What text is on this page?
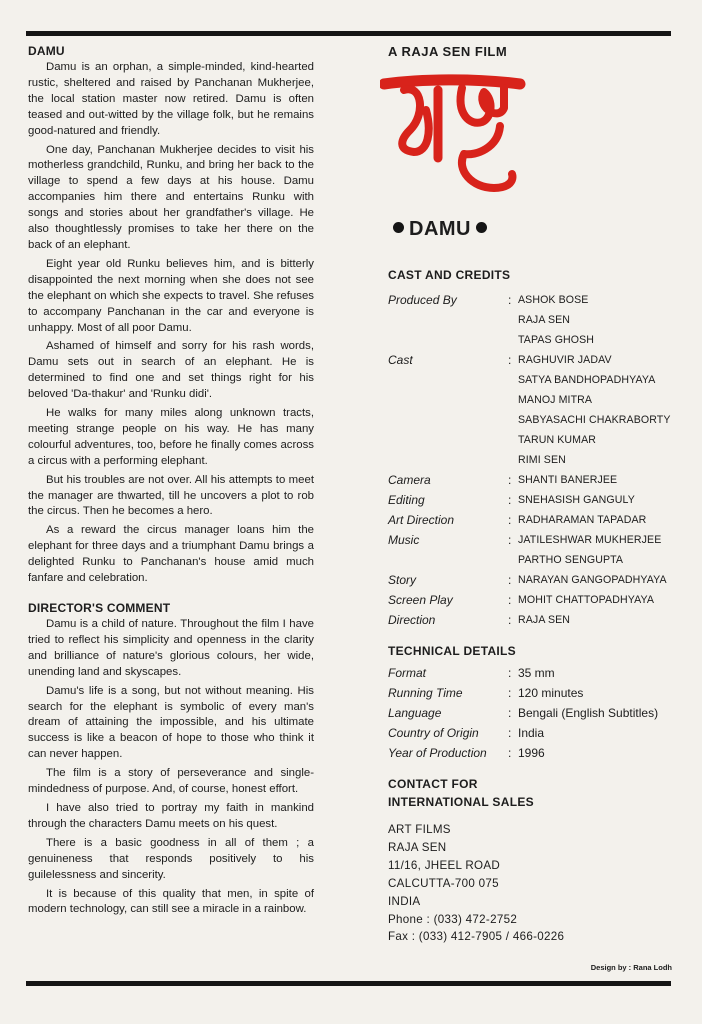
DAMU

Damu is an orphan, a simple-minded, kind-hearted rustic, sheltered and raised by Panchanan Mukherjee, the local station master now retired. Damu is often teased and out-witted by the village folk, but he remains good-natured and friendly.

One day, Panchanan Mukherjee decides to visit his motherless grandchild, Runku, and bring her back to the village to spend a few days at his house. Damu accompanies him there and entertains Runku with songs and stories about her grandfather's village. He also thoughtlessly promises to take her there on the back of an elephant.

Eight year old Runku believes him, and is bitterly disappointed the next morning when she does not see the elephant on which she expects to travel. She refuses to accompany Panchanan in the car and everyone is unhappy. Most of all poor Damu.

Ashamed of himself and sorry for his rash words, Damu sets out in search of an elephant. He is determined to find one and set things right for his beloved 'Da-thakur' and 'Runku didi'.

He walks for many miles along unknown tracts, meeting strange people on his way. He has many colourful adventures, too, before he finally comes across a circus with a performing elephant.

But his troubles are not over. All his attempts to meet the manager are thwarted, till he uncovers a plot to rob the circus. Then he becomes a hero.

As a reward the circus manager loans him the elephant for three days and a triumphant Damu brings a delighted Runku to Panchanan's house amid much fanfare and celebration.

DIRECTOR'S COMMENT

Damu is a child of nature. Throughout the film I have tried to reflect his simplicity and openness in the clarity and brilliance of nature's glorious colours, her wide, unending land and skyscapes.

Damu's life is a song, but not without meaning. His search for the elephant is symbolic of every man's dream of attaining the impossible, and his ultimate success is like a beacon of hope to those who think it can never happen.

The film is a story of perseverance and single-mindedness of purpose. And, of course, honest effort.

I have also tried to portray my faith in mankind through the characters Damu meets on his quest.

There is a basic goodness in all of them ; a genuineness that responds positively to his guilelessness and sincerity.

It is because of this quality that men, in spite of modern technology, can still see a miracle in a rainbow.

A RAJA SEN FILM
DAMU
CAST AND CREDITS
Produced By	: ASHOK BOSE
RAJA SEN
TAPAS GHOSH
Cast	: RAGHUVIR JADAV
SATYA BANDHOPADHYAYA
MANOJ MITRA
SABYASACHI CHAKRABORTY
TARUN KUMAR
RIMI SEN
Camera	: SHANTI BANERJEE
Editing	: SNEHASISH GANGULY
Art Direction	: RADHARAMAN TAPADAR
Music	: JATILESHWAR MUKHERJEE
PARTHO SENGUPTA
Story	: NARAYAN GANGOPADHYAYA
Screen Play	: MOHIT CHATTOPADHYAYA
Direction	: RAJA SEN
TECHNICAL DETAILS
Format	: 35 mm
Running Time	: 120 minutes
Language	: Bengali (English Subtitles)
Country of Origin	: India
Year of Production	: 1996
CONTACT FOR
INTERNATIONAL SALES
ART FILMS
RAJA SEN
11/16, JHEEL ROAD
CALCUTTA-700 075
INDIA
Phone : (033) 472-2752
Fax : (033) 412-7905 / 466-0226
Design by : Rana Lodh
